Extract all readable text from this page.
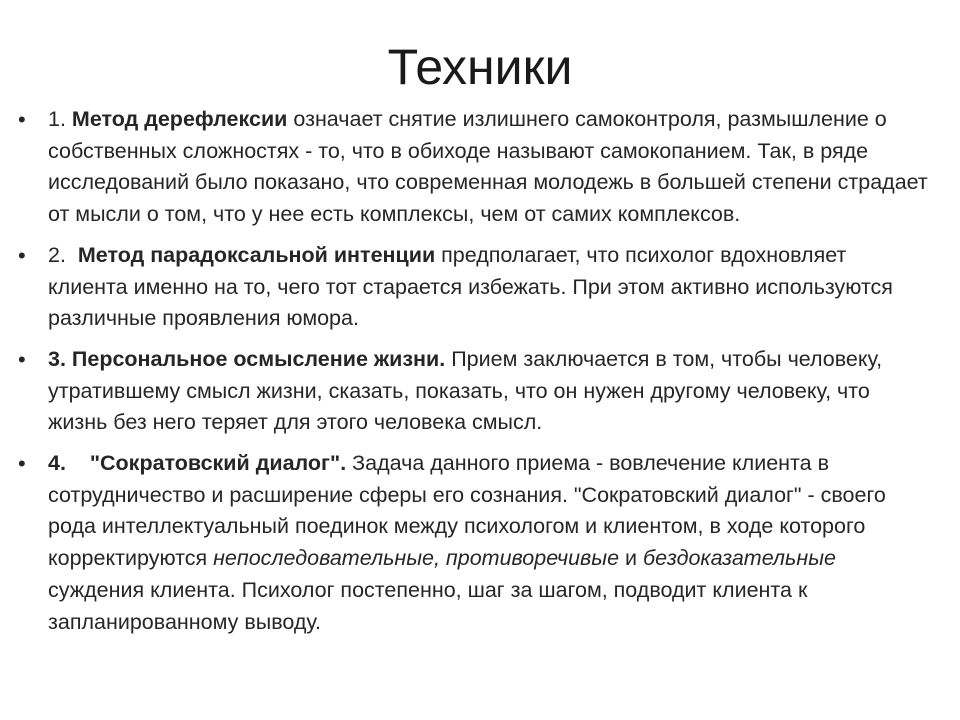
Техники
• 1. Метод дерефлексии означает снятие излишнего самоконтроля, размышление о собственных сложностях - то, что в обиходе называют самокопанием. Так, в ряде исследований было показано, что современная молодежь в большей степени страдает от мысли о том, что у нее есть комплексы, чем от самих комплексов.
• 2.  Метод парадоксальной интенции предполагает, что психолог вдохновляет клиента именно на то, чего тот старается избежать. При этом активно используются различные проявления юмора.
• 3. Персональное осмысление жизни. Прием заключается в том, чтобы человеку, утратившему смысл жизни, сказать, показать, что он нужен другому человеку, что жизнь без него теряет для этого человека смысл.
• 4.    "Сократовский диалог". Задача данного приема - вовлечение клиента в сотрудничество и расширение сферы его сознания. "Сократовский диалог" - своего рода интеллектуальный поединок между психологом и клиентом, в ходе которого корректируются непоследовательные, противоречивые и бездоказательные суждения клиента. Психолог постепенно, шаг за шагом, подводит клиента к запланированному выводу.
